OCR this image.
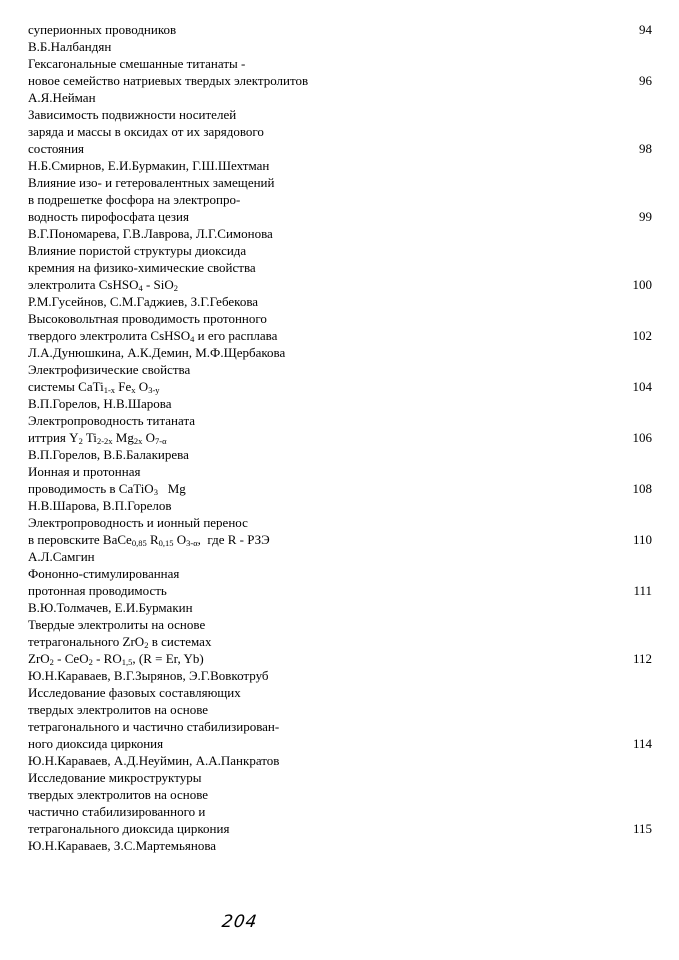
суперионных проводников	94
В.Б.Налбандян
Гексагональные смешанные титанаты -
новое семейство натриевых твердых электролитов	96
А.Я.Нейман
Зависимость подвижности носителей
заряда и массы в оксидах от их зарядового
состояния	98
Н.Б.Смирнов, Е.И.Бурмакин, Г.Ш.Шехтман
Влияние изо- и гетеровалентных замещений
в подрешетке фосфора на электропро-
водность пирофосфата цезия	99
В.Г.Пономарева, Г.В.Лаврова, Л.Г.Симонова
Влияние пористой структуры диоксида
кремния на физико-химические свойства
электролита CsHSO$_4$ - SiO$_2$	100
Р.М.Гусейнов, С.М.Гаджиев, З.Г.Гебекова
Высоковольтная проводимость протонного
твердого электролита CsHSO$_4$ и его расплава	102
Л.А.Дунюшкина, А.К.Демин, М.Ф.Щербакова
Электрофизические свойства
системы CaTi$_{1-x}$ $Fe_x$ $O_{3-y}$	104
В.П.Горелов, Н.В.Шарова
Электропроводность титаната
иттрия $Y_2$ $Ti_{2-2x}$ $Mg_{2x}$ $O_{7-\alpha}$	106
В.П.Горелов, В.Б.Балакирева
Ионная и протонная
проводимость в CaTiO$_3$   Mg	108
Н.В.Шарова, В.П.Горелов
Электропроводность и ионный перенос
в перовските BaCe$_{0,85}$ $R_{0,15}$ $O_{3-\alpha}$,  где R - РЗЭ	110
А.Л.Самгин
Фононно-стимулированная
протонная проводимость	111
В.Ю.Толмачев, Е.И.Бурмакин
Твердые электролиты на основе
тетрагонального ZrO$_2$ в системах
$ZrO_2 - CeO_2 - RO_{1,5}$, (R = Er, Yb)	112
Ю.Н.Караваев, В.Г.Зырянов, Э.Г.Вовкотруб
Исследование фазовых составляющих
твердых электролитов на основе
тетрагонального и частично стабилизирован-
ного диоксида циркония	114
Ю.Н.Караваев, А.Д.Неуймин, А.А.Панкратов
Исследование микроструктуры
твердых электролитов на основе
частично стабилизированного и
тетрагонального диоксида циркония	115
Ю.Н.Караваев, З.С.Мартемьянова
204
